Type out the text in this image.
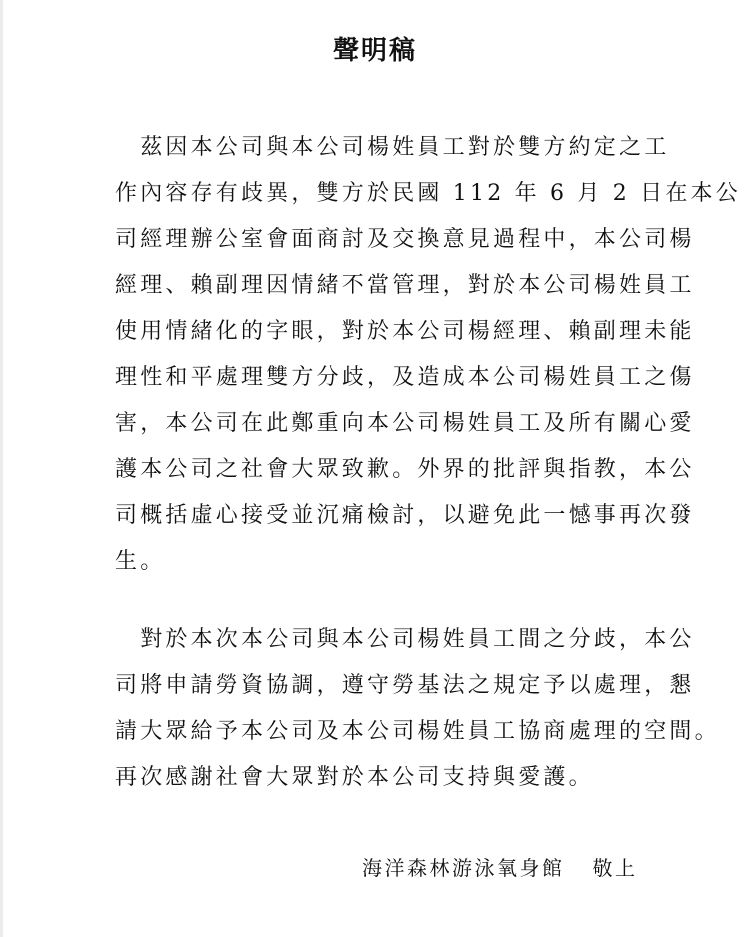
聲明稿
　茲因本公司與本公司楊姓員工對於雙方約定之工
作內容存有歧異，雙方於民國 112 年 6 月 2 日在本公
司經理辦公室會面商討及交換意見過程中，本公司楊
經理、賴副理因情緒不當管理，對於本公司楊姓員工
使用情緒化的字眼，對於本公司楊經理、賴副理未能
理性和平處理雙方分歧，及造成本公司楊姓員工之傷
害，本公司在此鄭重向本公司楊姓員工及所有關心愛
護本公司之社會大眾致歉。外界的批評與指教，本公
司概括虛心接受並沉痛檢討，以避免此一憾事再次發
生。
　對於本次本公司與本公司楊姓員工間之分歧，本公
司將申請勞資協調，遵守勞基法之規定予以處理，懇
請大眾給予本公司及本公司楊姓員工協商處理的空間。
再次感謝社會大眾對於本公司支持與愛護。
海洋森林游泳氧身館 敬上
